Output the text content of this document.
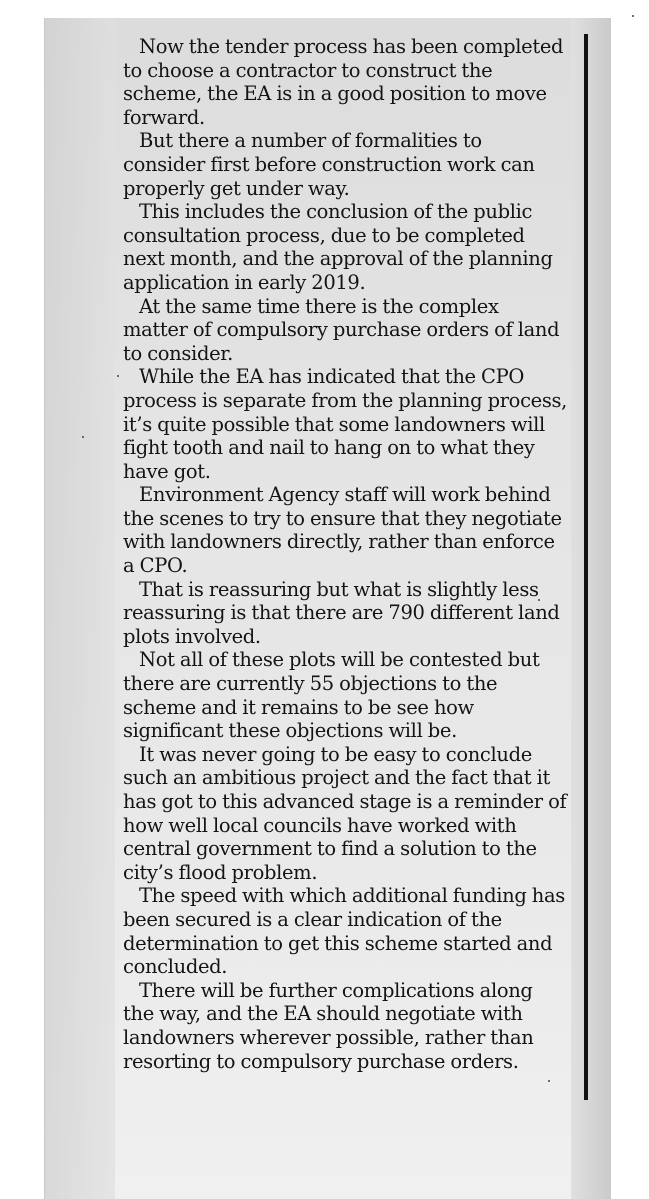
Now the tender process has been completed to choose a contractor to construct the scheme, the EA is in a good position to move forward.

But there a number of formalities to consider first before construction work can properly get under way.

This includes the conclusion of the public consultation process, due to be completed next month, and the approval of the planning application in early 2019.

At the same time there is the complex matter of compulsory purchase orders of land to consider.

While the EA has indicated that the CPO process is separate from the planning process, it’s quite possible that some landowners will fight tooth and nail to hang on to what they have got.

Environment Agency staff will work behind the scenes to try to ensure that they negotiate with landowners directly, rather than enforce a CPO.

That is reassuring but what is slightly less reassuring is that there are 790 different land plots involved.

Not all of these plots will be contested but there are currently 55 objections to the scheme and it remains to be see how significant these objections will be.

It was never going to be easy to conclude such an ambitious project and the fact that it has got to this advanced stage is a reminder of how well local councils have worked with central government to find a solution to the city’s flood problem.

The speed with which additional funding has been secured is a clear indication of the determination to get this scheme started and concluded.

There will be further complications along the way, and the EA should negotiate with landowners wherever possible, rather than resorting to compulsory purchase orders.
